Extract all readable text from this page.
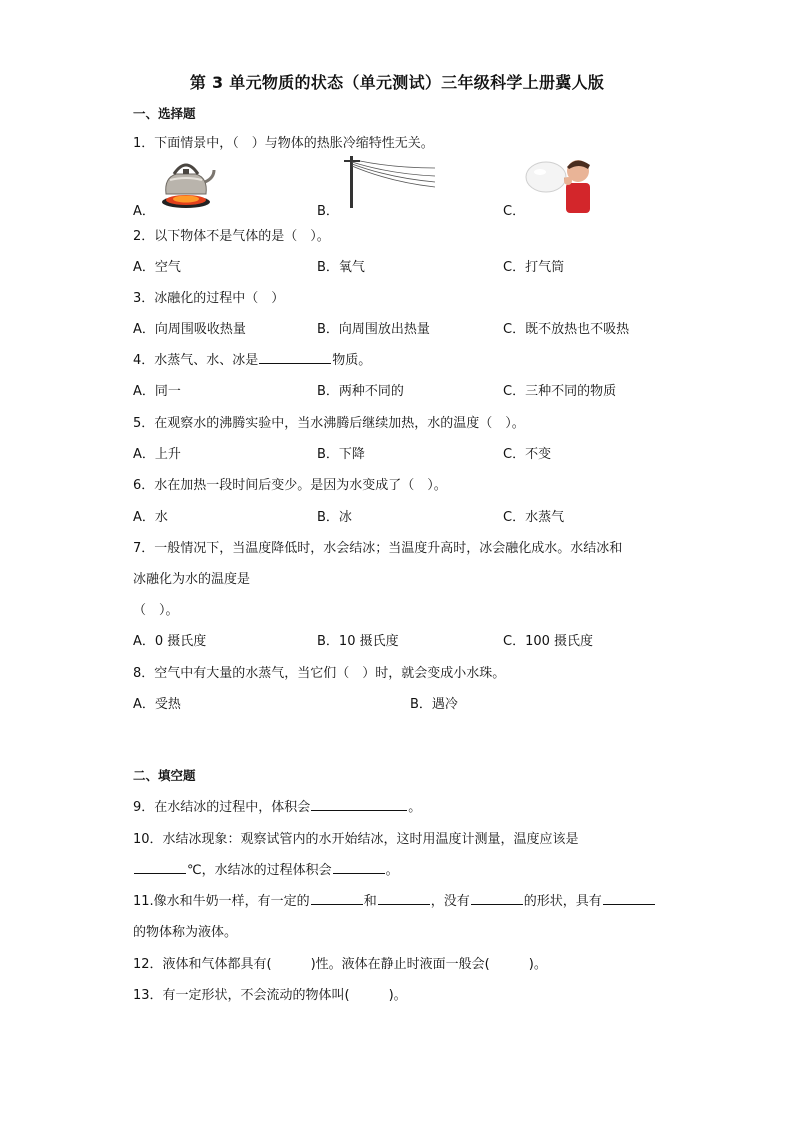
第 3 单元物质的状态（单元测试）三年级科学上册冀人版
一、选择题
1．下面情景中，（　）与物体的热胀冷缩特性无关。
A．	B．	C．
2．以下物体不是气体的是（　）。
A．空气	B．氧气	C．打气筒
3．冰融化的过程中（　）
A．向周围吸收热量	B．向周围放出热量	C．既不放热也不吸热
4．水蒸气、水、冰是	物质。
A．同一	B．两种不同的	C．三种不同的物质
5．在观察水的沸腾实验中，当水沸腾后继续加热，水的温度（　）。
A．上升	B．下降	C．不变
6．水在加热一段时间后变少。是因为水变成了（　）。
A．水	B．冰	C．水蒸气
7．一般情况下，当温度降低时，水会结冰；当温度升高时，冰会融化成水。水结冰和
冰融化为水的温度是
（　）。
A．0 摄氏度	B．10 摄氏度	C．100 摄氏度
8．空气中有大量的水蒸气，当它们（　）时，就会变成小水珠。
A．受热	B．遇冷
二、填空题
9．在水结冰的过程中，体积会	。
10．水结冰现象：观察试管内的水开始结冰，这时用温度计测量，温度应该是
℃，水结冰的过程体积会	。
11.像水和牛奶一样，有一定的	和	，没有	的形状，具有
的物体称为液体。
12．液体和气体都具有(　　　)性。液体在静止时液面一般会(　　　)。
13．有一定形状，不会流动的物体叫(　　　)。
